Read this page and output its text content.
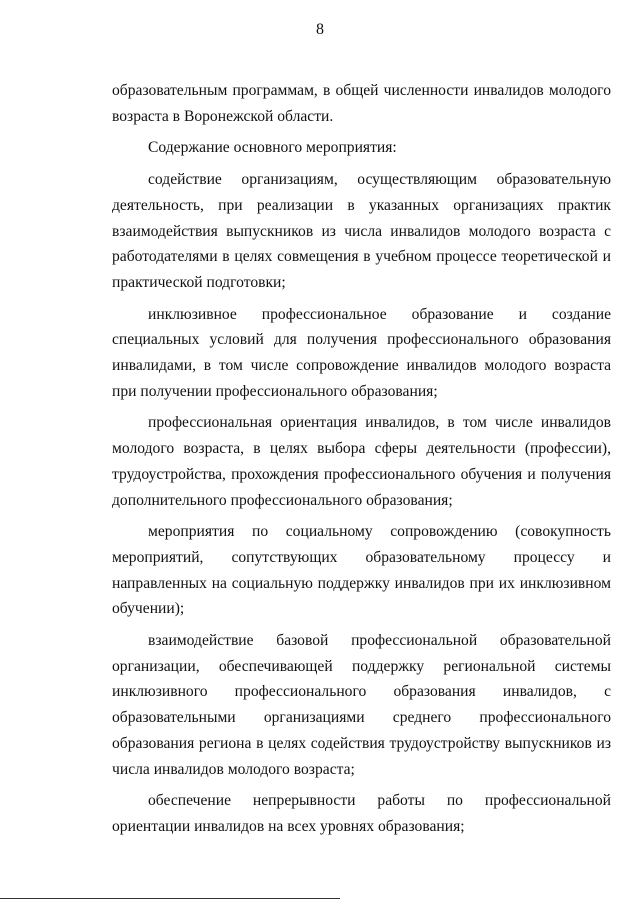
8

образовательным программам, в общей численности инвалидов молодого возраста в Воронежской области.

Содержание основного мероприятия:

содействие организациям, осуществляющим образовательную деятельность, при реализации в указанных организациях практик взаимодействия выпускников из числа инвалидов молодого возраста с работодателями в целях совмещения в учебном процессе теоретической и практической подготовки;

инклюзивное профессиональное образование и создание специальных условий для получения профессионального образования инвалидами, в том числе сопровождение инвалидов молодого возраста при получении профессионального образования;

профессиональная ориентация инвалидов, в том числе инвалидов молодого возраста, в целях выбора сферы деятельности (профессии), трудоустройства, прохождения профессионального обучения и получения дополнительного профессионального образования;

мероприятия по социальному сопровождению (совокупность мероприятий, сопутствующих образовательному процессу и направленных на социальную поддержку инвалидов при их инклюзивном обучении);

взаимодействие базовой профессиональной образовательной организации, обеспечивающей поддержку региональной системы инклюзивного профессионального образования инвалидов, с образовательными организациями среднего профессионального образования региона в целях содействия трудоустройству выпускников из числа инвалидов молодого возраста;

обеспечение непрерывности работы по профессиональной ориентации инвалидов на всех уровнях образования;
